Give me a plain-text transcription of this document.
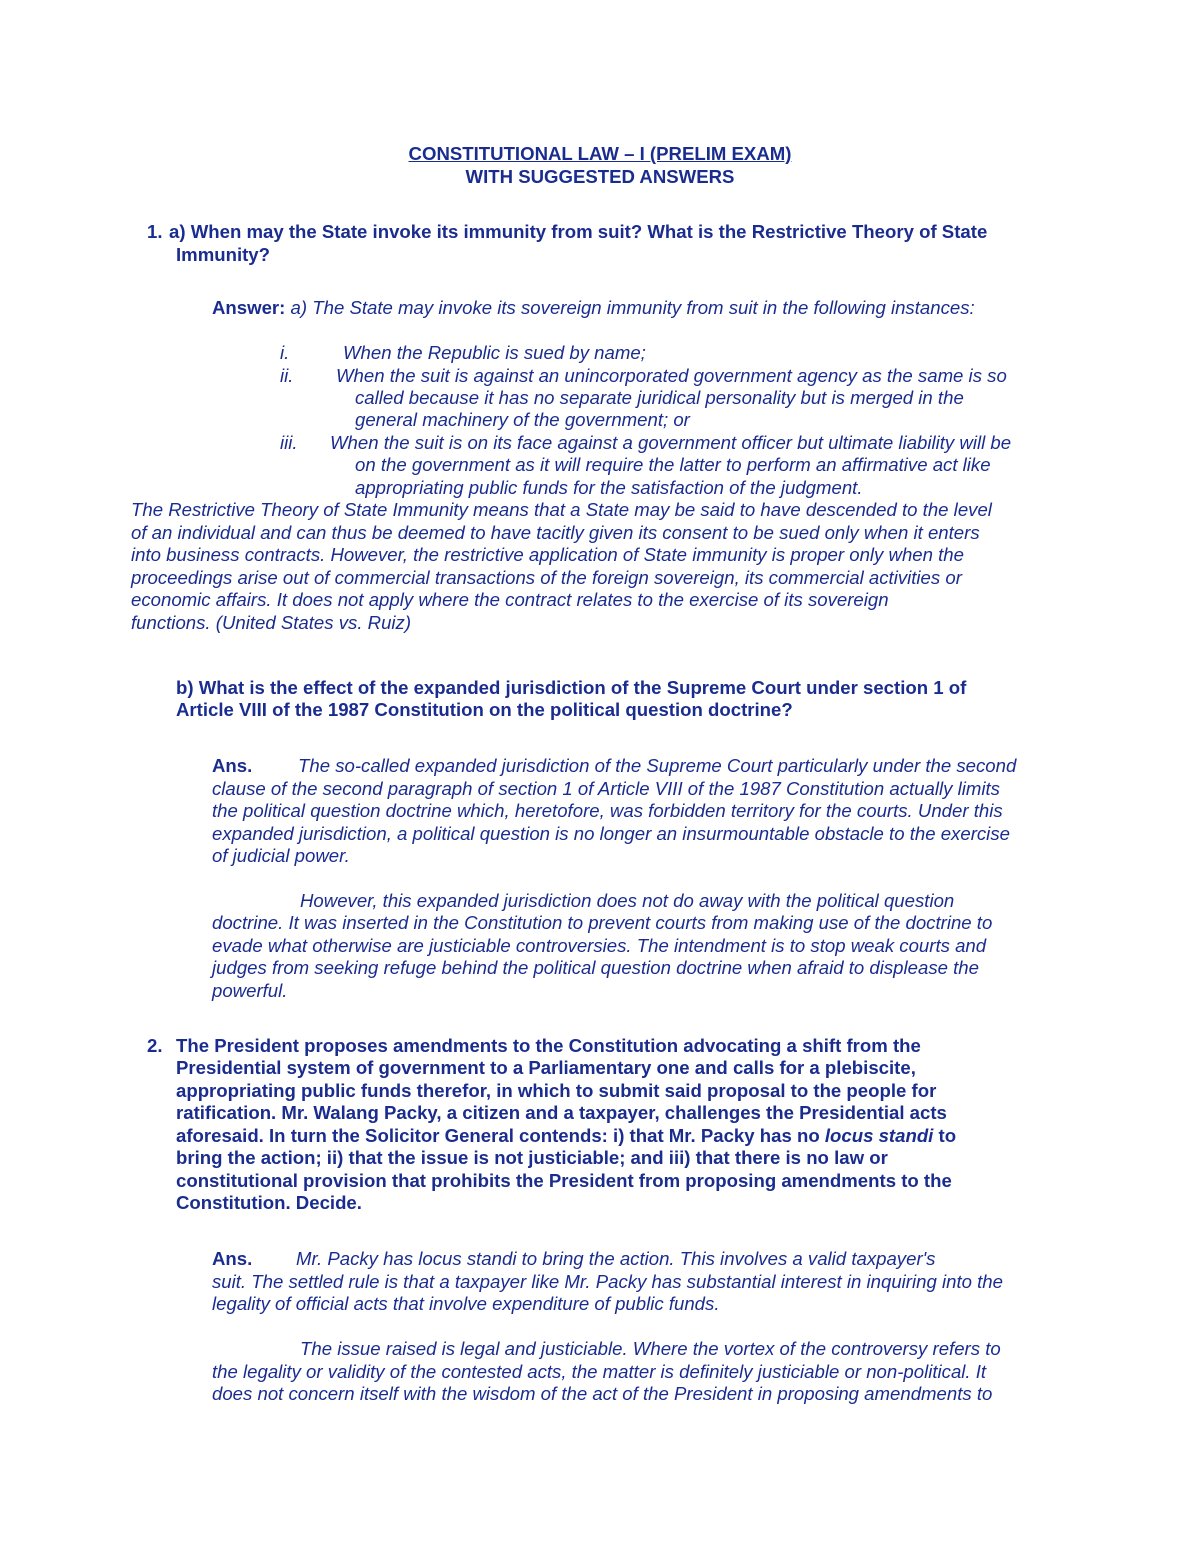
CONSTITUTIONAL LAW – I (PRELIM EXAM)
WITH SUGGESTED ANSWERS
1. a) When may the State invoke its immunity from suit? What is the Restrictive Theory of State
Immunity?
Answer: a) The State may invoke its sovereign immunity from suit in the following instances:
i.	When the Republic is sued by name;
ii. When the suit is against an unincorporated government agency as the same is so
called because it has no separate juridical personality but is merged in the
general machinery of the government; or
iii. When the suit is on its face against a government officer but ultimate liability will be
on the government as it will require the latter to perform an affirmative act like
appropriating public funds for the satisfaction of the judgment.
The Restrictive Theory of State Immunity means that a State may be said to have descended to the level
of an individual and can thus be deemed to have tacitly given its consent to be sued only when it enters
into business contracts. However, the restrictive application of State immunity is proper only when the
proceedings arise out of commercial transactions of the foreign sovereign, its commercial activities or
economic affairs. It does not apply where the contract relates to the exercise of its sovereign
functions. (United States vs. Ruiz)
b) What is the effect of the expanded jurisdiction of the Supreme Court under section 1 of
Article VIII of the 1987 Constitution on the political question doctrine?
Ans. The so-called expanded jurisdiction of the Supreme Court particularly under the second
clause of the second paragraph of section 1 of Article VIII of the 1987 Constitution actually limits
the political question doctrine which, heretofore, was forbidden territory for the courts. Under this
expanded jurisdiction, a political question is no longer an insurmountable obstacle to the exercise
of judicial power.
However, this expanded jurisdiction does not do away with the political question
doctrine. It was inserted in the Constitution to prevent courts from making use of the doctrine to
evade what otherwise are justiciable controversies. The intendment is to stop weak courts and
judges from seeking refuge behind the political question doctrine when afraid to displease the
powerful.
2. The President proposes amendments to the Constitution advocating a shift from the
Presidential system of government to a Parliamentary one and calls for a plebiscite,
appropriating public funds therefor, in which to submit said proposal to the people for
ratification. Mr. Walang Packy, a citizen and a taxpayer, challenges the Presidential acts
aforesaid. In turn the Solicitor General contends: i) that Mr. Packy has no locus standi to
bring the action; ii) that the issue is not justiciable; and iii) that there is no law or
constitutional provision that prohibits the President from proposing amendments to the
Constitution. Decide.
Ans. Mr. Packy has locus standi to bring the action. This involves a valid taxpayer's
suit. The settled rule is that a taxpayer like Mr. Packy has substantial interest in inquiring into the
legality of official acts that involve expenditure of public funds.
The issue raised is legal and justiciable. Where the vortex of the controversy refers to
the legality or validity of the contested acts, the matter is definitely justiciable or non-political. It
does not concern itself with the wisdom of the act of the President in proposing amendments to
